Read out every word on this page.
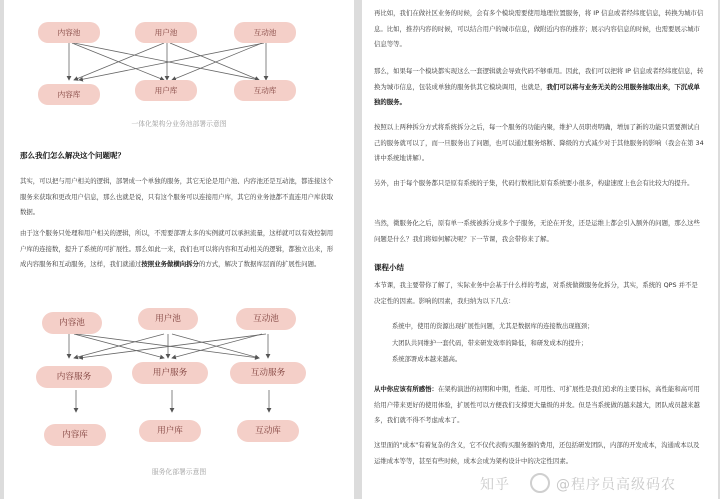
内容池	用户池	互动池
内容库	用户库	互动库
一体化架构分业务池部署示意图
那么我们怎么解决这个问题呢？
其实，可以把与用户相关的逻辑，部署成一个单独的服务，其它无论是用户池、内容池还是互动池，都连接这个服务来获取和更改用户信息，那么也就是说，只有这个服务可以连接用户库，其它的业务池都不直连用户库获取数据。
由于这个服务只处理和用户相关的逻辑，所以，不需要部署太多的实例就可以承担流量，这样就可以有效控制用户库的连接数，提升了系统的可扩展性。那么如此一来，我们也可以将内容和互动相关的逻辑，都独立出来，形成内容服务和互动服务，这样，我们就通过按照业务做横向拆分的方式，解决了数据库层面的扩展性问题。
内容池	用户池	互动池
内容服务	用户服务	互动服务
内容库	用户库	互动库
服务化部署示意图
再比如，我们在做社区业务的时候，会有多个模块需要使用地理位置服务，将 IP 信息或者经纬度信息，转换为城市信息。比如，推荐内容的时候，可以结合用户的城市信息，做附近内容的推荐；展示内容信息的时候，也需要展示城市信息等等。
那么，如果每一个模块都实现这么一套逻辑就会导致代码不够重用。因此，我们可以把将 IP 信息或者经纬度信息，转换为城市信息，包装成单独的服务供其它模块调用，也就是，我们可以将与业务无关的公用服务抽取出来，下沉成单独的服务。
按照以上两种拆分方式将系统拆分之后，每一个服务的功能内聚，维护人员职责明确，增加了新的功能只需要测试自己的服务就可以了，而一旦服务出了问题，也可以通过服务熔断、降级的方式减少对于其他服务的影响（我会在第 34 讲中系统地讲解）。
另外，由于每个服务都只是原有系统的子集，代码行数相比原有系统要小很多，构建速度上也会有比较大的提升。
当然，微服务化之后，原有单一系统被拆分成多个子服务，无论在开发，还是运维上都会引入额外的问题，那么这些问题是什么？我们将如何解决呢？下一节课，我会带你来了解。
课程小结
本节课，我主要带你了解了，实际业务中会基于什么样的考虑，对系统做微服务化拆分，其实，系统的 QPS 并不是决定性的因素。影响的因素，我归纳为以下几点：
系统中，使用的资源出现扩展性问题，尤其是数据库的连接数出现瓶颈；
大团队共同维护一套代码，带来研发效率的降低，和研发成本的提升；
系统部署成本越来越高。
从中你应该有所感悟：在架构演进的初期和中期，性能、可用性、可扩展性是我们追求的主要目标，高性能和高可用给用户带来更好的使用体验，扩展性可以方便我们支撑更大量级的并发。但是当系统做的越来越大，团队成员越来越多，我们就不得不考虑成本了。
这里面的"成本"有着复杂的含义，它不仅代表购买服务器的费用，还包括研发团队，内部的开发成本，沟通成本以及运维成本等等，甚至有些时候，成本会成为架构设计中的决定性因素。
知乎	@程序员高级码农
